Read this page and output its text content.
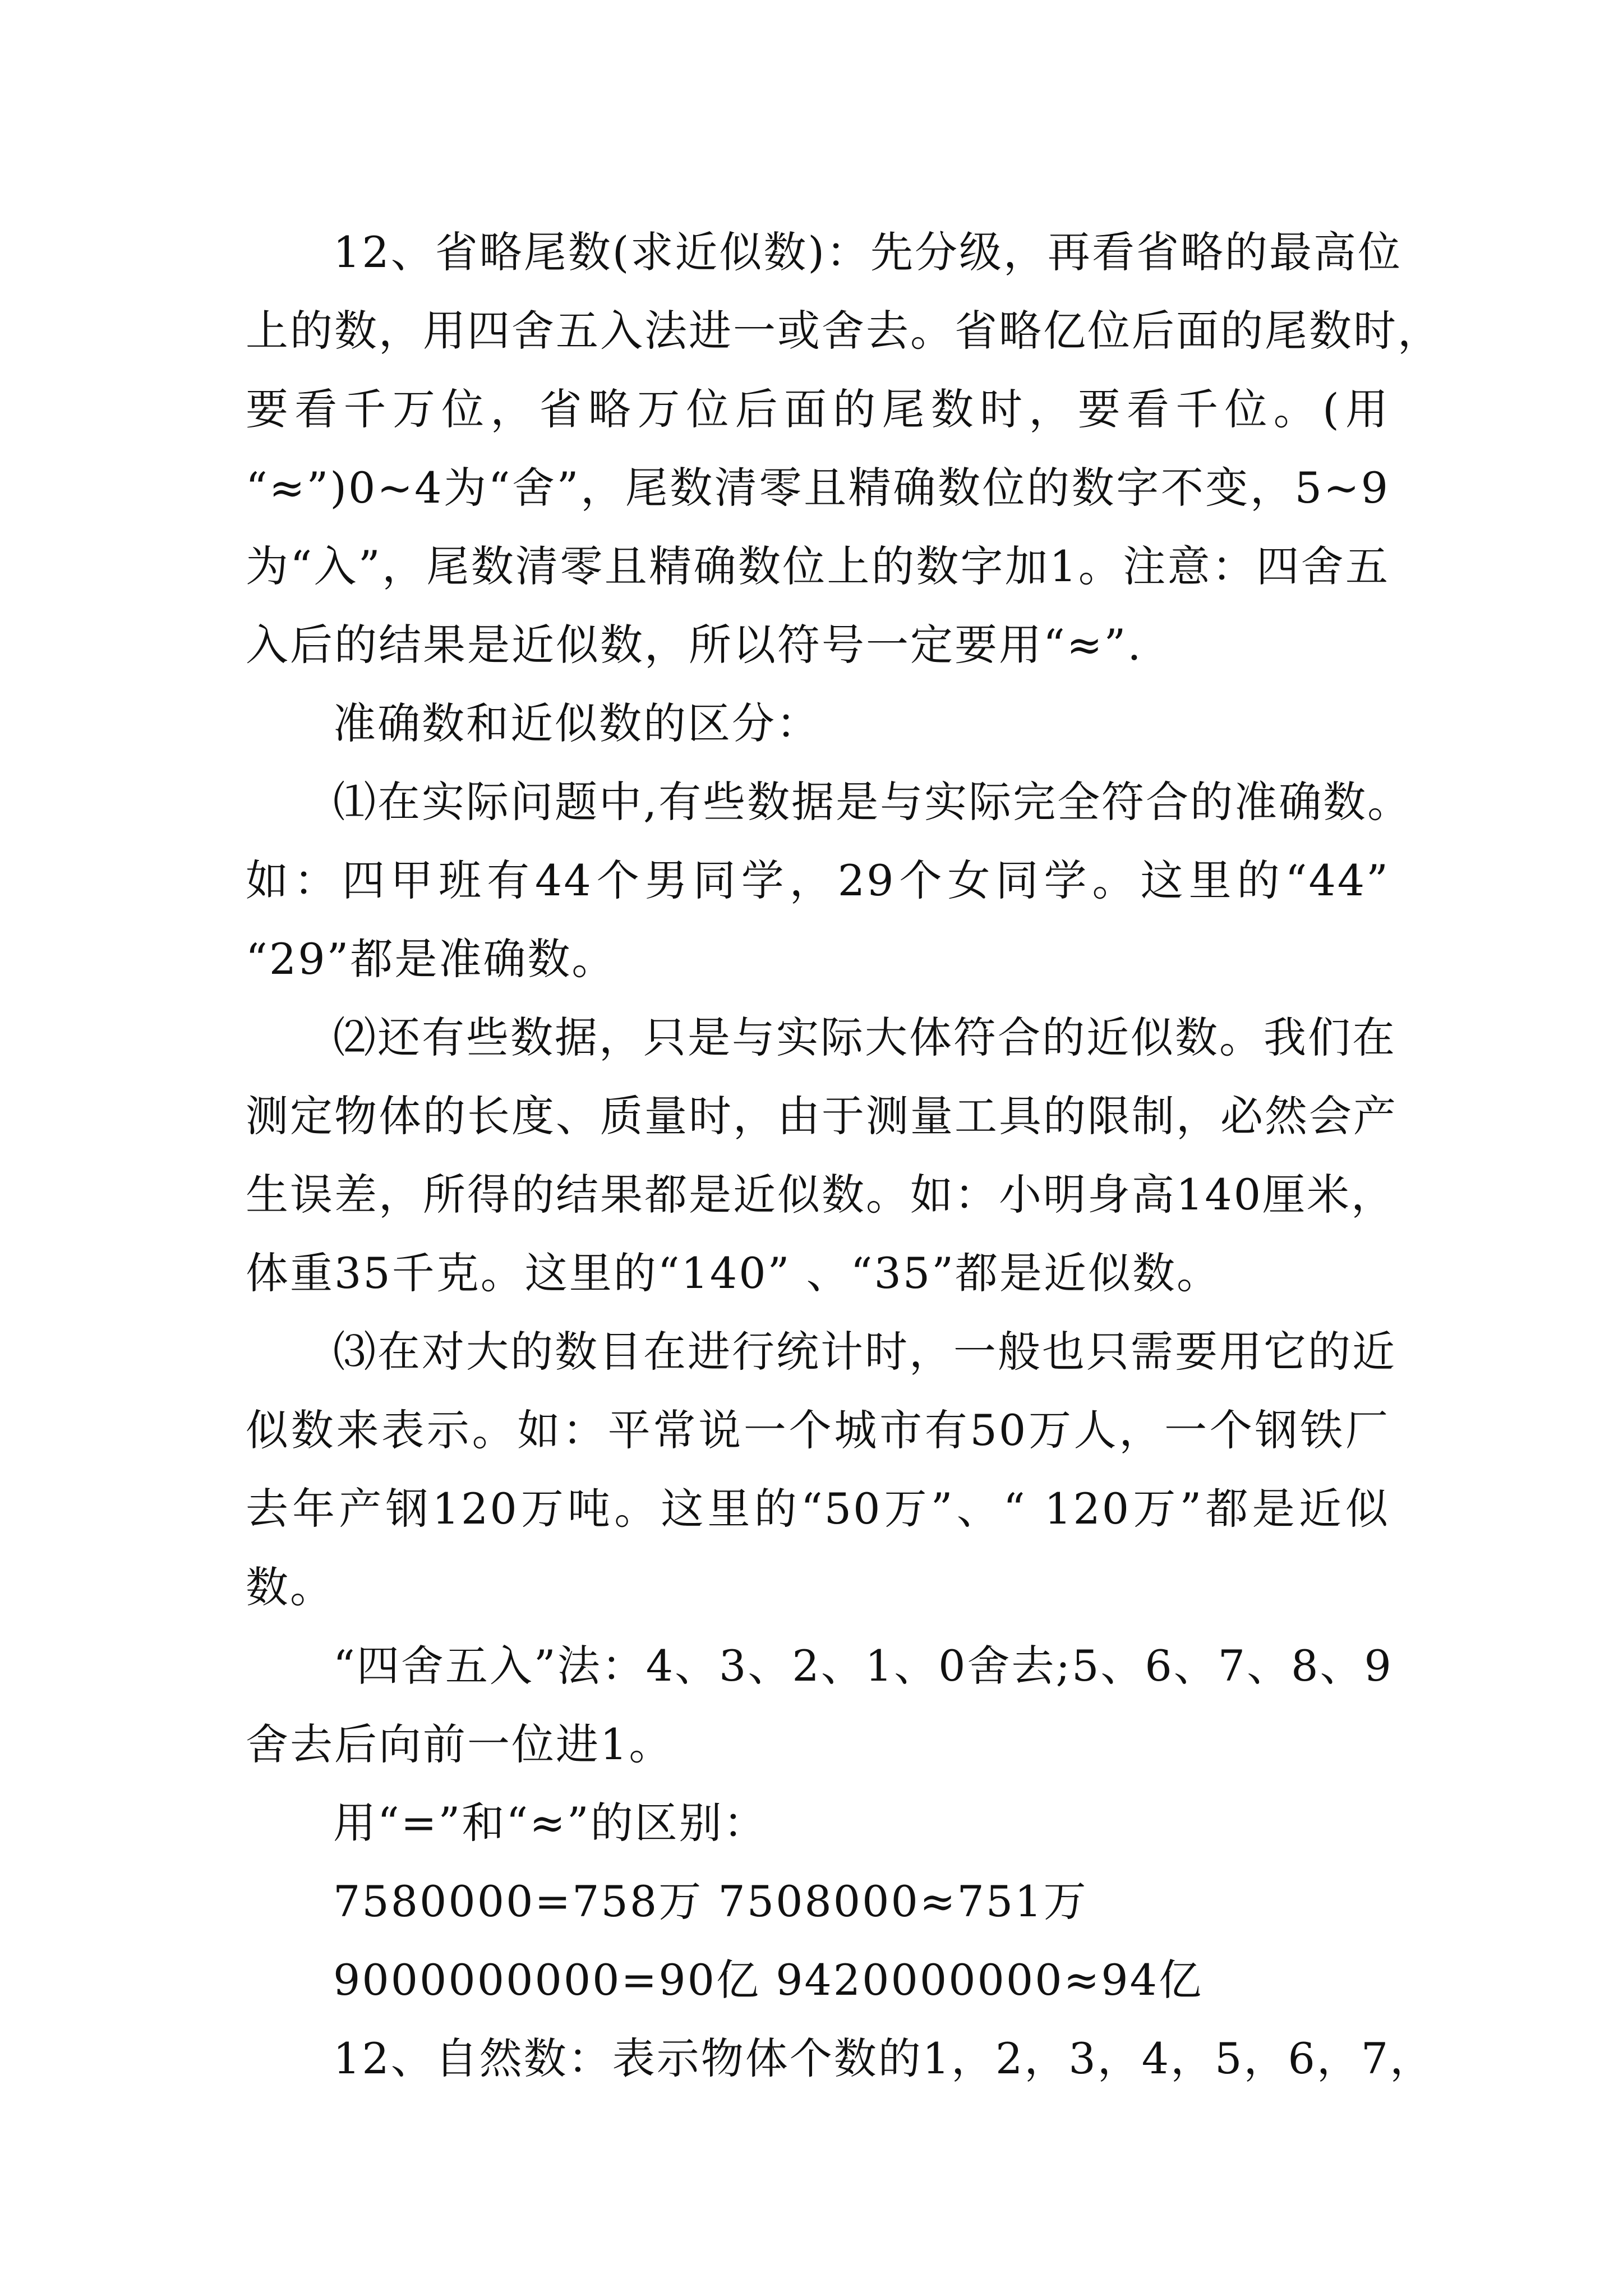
12、省略尾数(求近似数)：先分级，再看省略的最高位
上的数，用四舍五入法进一或舍去。省略亿位后面的尾数时，
要看千万位，省略万位后面的尾数时，要看千位。(用
“≈”)0~4为“舍”，尾数清零且精确数位的数字不变，5~9
为“入”，尾数清零且精确数位上的数字加1。注意：四舍五
入后的结果是近似数，所以符号一定要用“≈”.
准确数和近似数的区分：
⑴在实际问题中,有些数据是与实际完全符合的准确数。
如：四甲班有44个男同学，29个女同学。这里的“44”
“29”都是准确数。
⑵还有些数据，只是与实际大体符合的近似数。我们在
测定物体的长度、质量时，由于测量工具的限制，必然会产
生误差，所得的结果都是近似数。如：小明身高140厘米，
体重35千克。这里的“140” 、“35”都是近似数。
⑶在对大的数目在进行统计时，一般也只需要用它的近
似数来表示。如：平常说一个城市有50万人，一个钢铁厂
去年产钢120万吨。这里的“50万”、“ 120万”都是近似
数。
“四舍五入”法：4、3、2、1、0舍去;5、6、7、8、9
舍去后向前一位进1。
用“=”和“≈”的区别：
7580000=758万 7508000≈751万
9000000000=90亿 9420000000≈94亿
12、自然数：表示物体个数的1，2，3，4，5，6，7，
